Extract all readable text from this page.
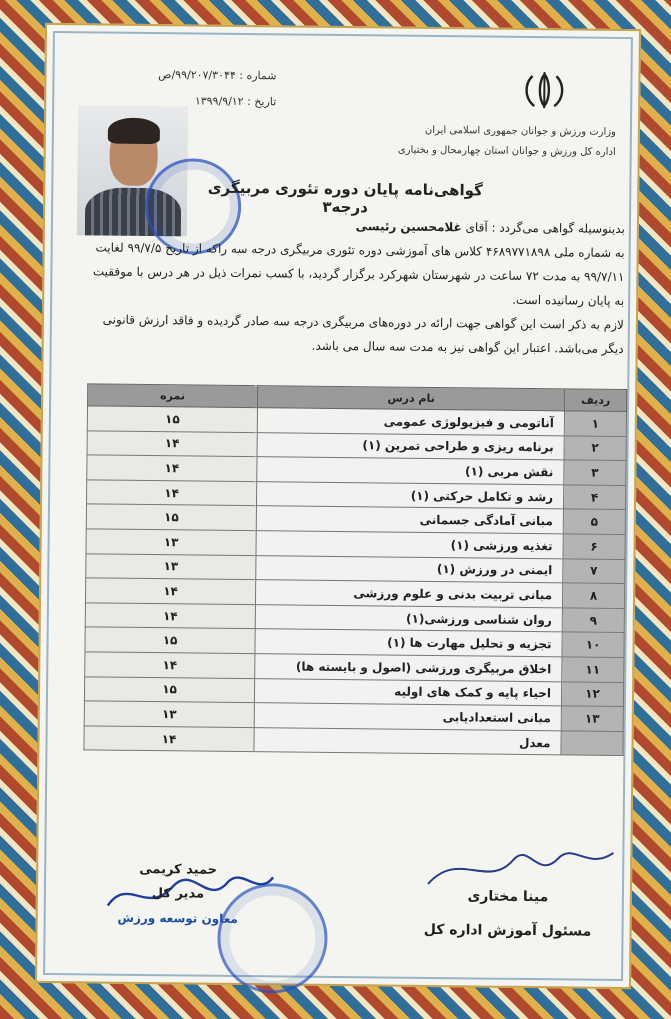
شماره : ۹۹/۲۰۷/۳۰۴۴/ص
تاریخ : ۱۳۹۹/۹/۱۲
وزارت ورزش و جوانان جمهوری اسلامی ایران
اداره کل ورزش و جوانان استان چهارمحال و بختیاری
گواهی‌نامه پایان دوره تئوری مربیگری درجه۳
بدینوسیله گواهی می‌گردد : آقای غلامحسین رئیسی
به شماره ملی ۴۶۸۹۷۷۱۸۹۸ کلاس های آموزشی دوره تئوری مربیگری درجه سه راکه از تاریخ ۹۹/۷/۵ لغایت ۹۹/۷/۱۱ به مدت ۷۲ ساعت در شهرستان شهرکرد برگزار گردید، با کسب نمرات ذیل در هر درس با موفقیت به پایان رسانیده است.
لازم به ذکر است این گواهی جهت ارائه در دوره‌های مربیگری درجه سه صادر گردیده و فاقد ارزش قانونی دیگر می‌باشد. اعتبار این گواهی نیز به مدت سه سال می باشد.
ردیف	نام درس	نمره
۱	آناتومی و فیزیولوژی عمومی	۱۵
۲	برنامه ریزی و طراحی تمرین (۱)	۱۴
۳	نقش مربی (۱)	۱۴
۴	رشد و تکامل حرکتی (۱)	۱۴
۵	مبانی آمادگی جسمانی	۱۵
۶	تغذیه ورزشی (۱)	۱۳
۷	ایمنی در ورزش (۱)	۱۳
۸	مبانی تربیت بدنی و علوم ورزشی	۱۴
۹	روان شناسی ورزشی(۱)	۱۴
۱۰	تجزیه و تحلیل مهارت ها (۱)	۱۵
۱۱	اخلاق مربیگری ورزشی (اصول و بایسته ها)	۱۴
۱۲	احیاء پایه و کمک های اولیه	۱۵
۱۳	مبانی استعدادیابی	۱۳
	معدل	۱۴
مینا مختاری
مسئول آموزش اداره کل
حمید کریمی
مدیر کل
معاون توسعه ورزش
